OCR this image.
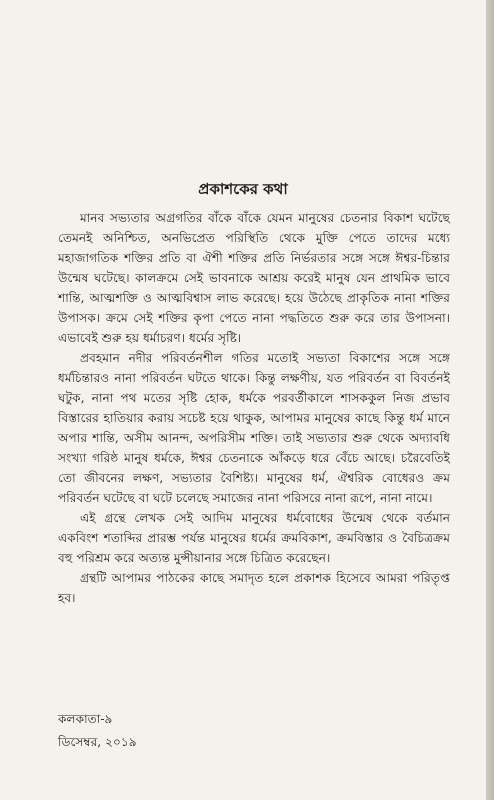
প্রকাশকের কথা

মানব সভ্যতার অগ্রগতির বাঁকে বাঁকে যেমন মানুষের চেতনার বিকাশ ঘটেছে তেমনই অনিশ্চিত, অনভিপ্রেত পরিস্থিতি থেকে মুক্তি পেতে তাদের মধ্যে মহাজাগতিক শক্তির প্রতি বা ঐশী শক্তির প্রতি নির্ভরতার সঙ্গে সঙ্গে ঈশ্বর-চিন্তার উন্মেষ ঘটেছে। কালক্রমে সেই ভাবনাকে আশ্রয় করেই মানুষ যেন প্রাথমিক ভাবে শান্তি, আত্মশক্তি ও আত্মবিশ্বাস লাভ করেছে। হয়ে উঠেছে প্রাকৃতিক নানা শক্তির উপাসক। ক্রমে সেই শক্তির কৃপা পেতে নানা পদ্ধতিতে শুরু করে তার উপাসনা। এভাবেই শুরু হয় ধর্মাচরণ। ধর্মের সৃষ্টি।

প্রবহমান নদীর পরিবর্তনশীল গতির মতোই সভ্যতা বিকাশের সঙ্গে সঙ্গে ধর্মচিন্তারও নানা পরিবর্তন ঘটতে থাকে। কিন্তু লক্ষণীয়, যত পরিবর্তন বা বিবর্তনই ঘটুক, নানা পথ মতের সৃষ্টি হোক, ধর্মকে পরবর্তীকালে শাসককুল নিজ প্রভাব বিস্তারের হাতিয়ার করায় সচেষ্ট হয়ে থাকুক, আপামর মানুষের কাছে কিন্তু ধর্ম মানে অপার শান্তি, অসীম আনন্দ, অপরিসীম শক্তি। তাই সভ্যতার শুরু থেকে অদ্যাবধি সংখ্যা গরিষ্ঠ মানুষ ধর্মকে, ঈশ্বর চেতনাকে আঁকড়ে ধরে বেঁচে আছে। চরৈবেতিই তো জীবনের লক্ষণ, সভ্যতার বৈশিষ্ট্য। মানুষের ধর্ম, ঐশ্বরিক বোধেরও ক্রম পরিবর্তন ঘটেছে বা ঘটে চলেছে সমাজের নানা পরিসরে নানা রূপে, নানা নামে।

এই গ্রন্থে লেখক সেই আদিম মানুষের ধর্মবোধের উন্মেষ থেকে বর্তমান একবিংশ শতাব্দির প্রারম্ভ পর্যন্ত মানুষের ধর্মের ক্রমবিকাশ, ক্রমবিস্তার ও বৈচিত্রক্রম বহু পরিশ্রম করে অত্যন্ত মুন্সীয়ানার সঙ্গে চিত্রিত করেছেন।

গ্রন্থটি আপামর পাঠকের কাছে সমাদৃত হলে প্রকাশক হিসেবে আমরা পরিতৃপ্ত হব।

কলকাতা-৯
ডিসেম্বর, ২০১৯
